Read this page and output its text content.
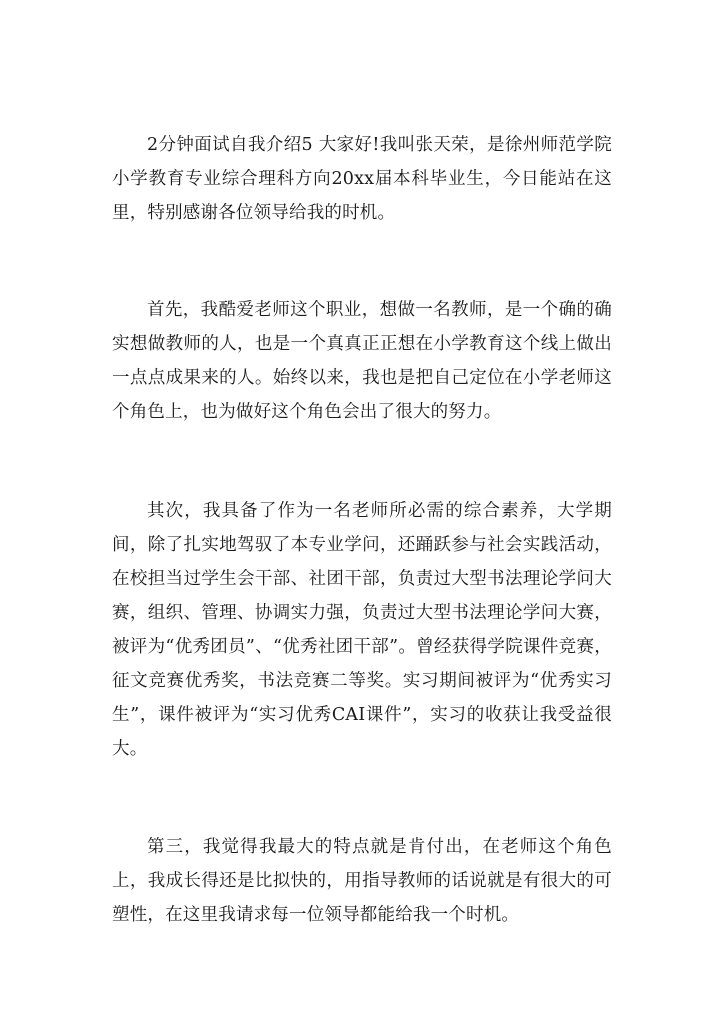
2分钟面试自我介绍5 大家好!我叫张天荣，是徐州师范学院小学教育专业综合理科方向20xx届本科毕业生，今日能站在这里，特别感谢各位领导给我的时机。

首先，我酷爱老师这个职业，想做一名教师，是一个确的确实想做教师的人，也是一个真真正正想在小学教育这个线上做出一点点成果来的人。始终以来，我也是把自己定位在小学老师这个角色上，也为做好这个角色会出了很大的努力。

其次，我具备了作为一名老师所必需的综合素养，大学期间，除了扎实地驾驭了本专业学问，还踊跃参与社会实践活动，在校担当过学生会干部、社团干部，负责过大型书法理论学问大赛，组织、管理、协调实力强，负责过大型书法理论学问大赛，被评为“优秀团员”、“优秀社团干部”。曾经获得学院课件竞赛，征文竞赛优秀奖，书法竞赛二等奖。实习期间被评为“优秀实习生”，课件被评为“实习优秀CAI课件”，实习的收获让我受益很大。

第三，我觉得我最大的特点就是肯付出，在老师这个角色上，我成长得还是比拟快的，用指导教师的话说就是有很大的可塑性，在这里我请求每一位领导都能给我一个时机。
